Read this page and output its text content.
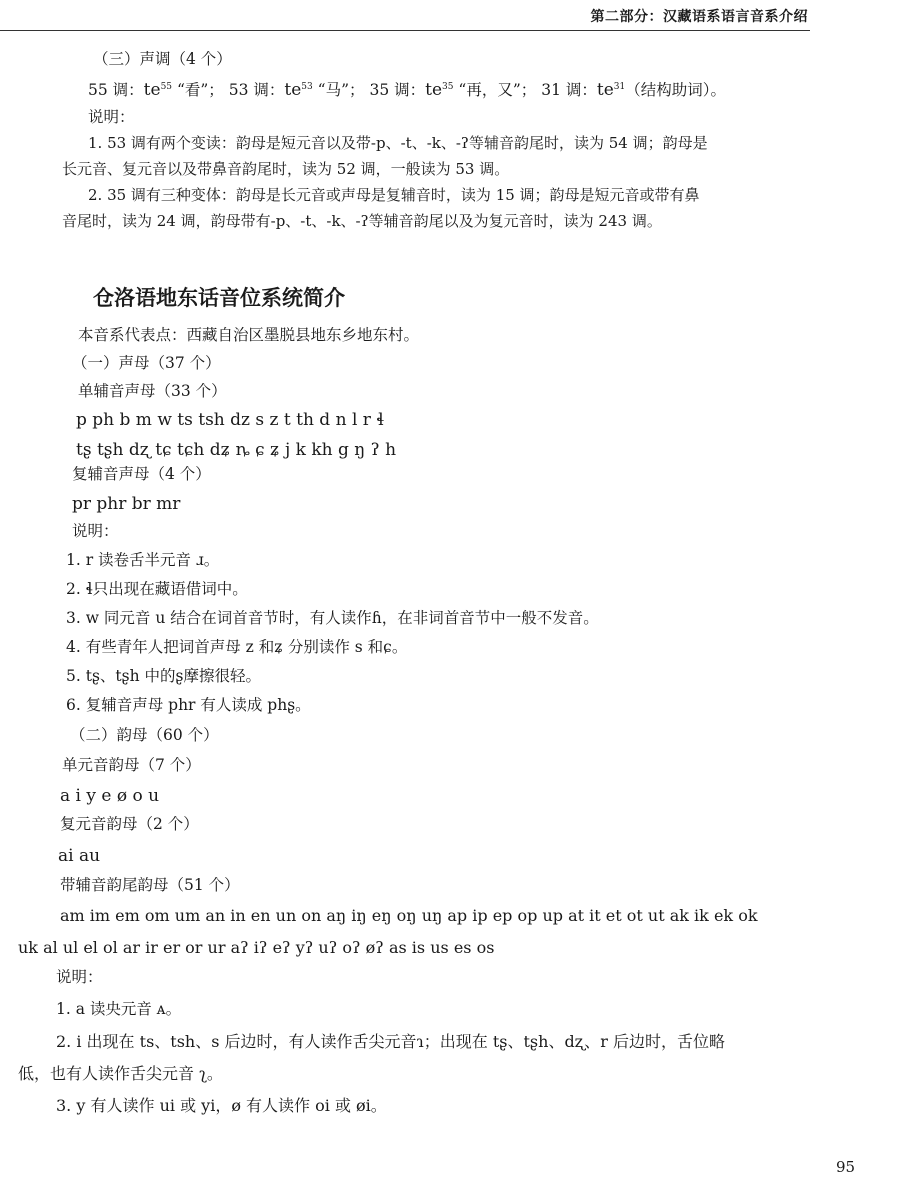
第二部分：汉藏语系语言音系介绍
（三）声调（4 个）
55 调：$te^{55}$ “看”； 53 调：$te^{53}$ “马”； 35 调：$te^{35}$ “再，又”； 31 调：$te^{31}$（结构助词）。
说明：
1. 53 调有两个变读：韵母是短元音以及带-p、-t、-k、-ʔ等辅音韵尾时，读为 54 调；韵母是
长元音、复元音以及带鼻音韵尾时，读为 52 调，一般读为 53 调。
2. 35 调有三种变体：韵母是长元音或声母是复辅音时，读为 15 调；韵母是短元音或带有鼻
音尾时，读为 24 调，韵母带有-p、-t、-k、-ʔ等辅音韵尾以及为复元音时，读为 243 调。
仓洛语地东话音位系统简介
本音系代表点：西藏自治区墨脱县地东乡地东村。
（一）声母（37 个）
单辅音声母（33 个）
p ph b m w ts tsh dz s z t th d n l r ɬ
tʂ tʂh dʐ tɕ tɕh dʑ ȵ ɕ ʑ j k kh g ŋ ʔ h
复辅音声母（4 个）
pr phr br mr
说明：
1. r 读卷舌半元音 ɹ。
2. ɬ只出现在藏语借词中。
3. w 同元音 u 结合在词首音节时，有人读作ɦ，在非词首音节中一般不发音。
4. 有些青年人把词首声母 z 和ʑ 分别读作 s 和ɕ。
5. tʂ、tʂh 中的ʂ摩擦很轻。
6. 复辅音声母 phr 有人读成 phʂ。
（二）韵母（60 个）
单元音韵母（7 个）
a i y e ø o u
复元音韵母（2 个）
ai au
带辅音韵尾韵母（51 个）
am im em om um an in en un on aŋ iŋ eŋ oŋ uŋ ap ip ep op up at it et ot ut ak ik ek ok
uk al ul el ol ar ir er or ur aʔ iʔ eʔ yʔ uʔ oʔ øʔ as is us es os
说明：
1. a 读央元音 ᴀ。
2. i 出现在 ts、tsh、s 后边时，有人读作舌尖元音ɿ；出现在 tʂ、tʂh、dʐ、r 后边时，舌位略
低，也有人读作舌尖元音 ʅ。
3. y 有人读作 ui 或 yi，ø 有人读作 oi 或 øi。
95
